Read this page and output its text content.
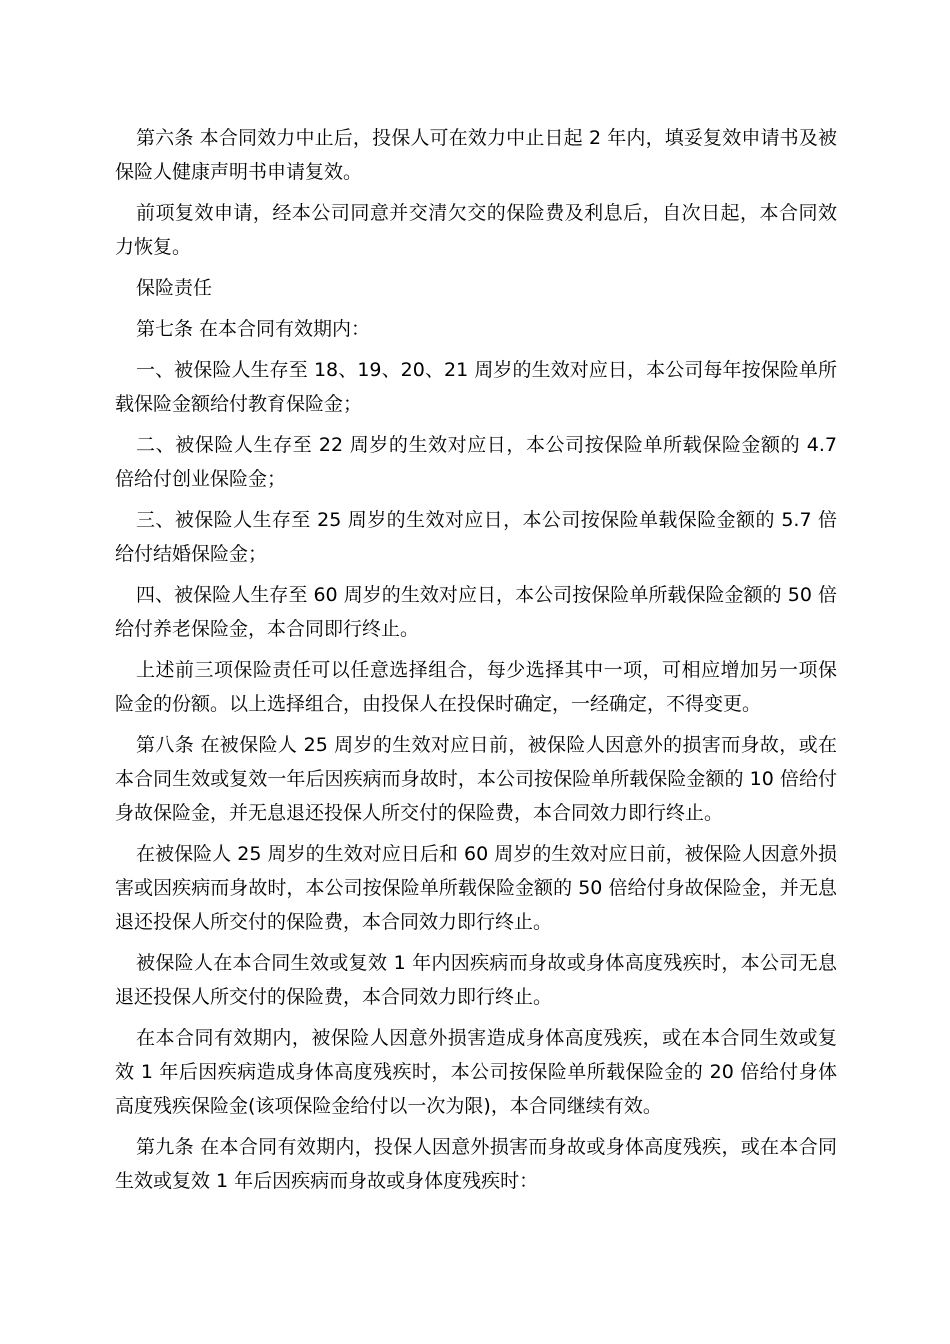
第六条 本合同效力中止后，投保人可在效力中止日起 2 年内，填妥复效申请书及被保险人健康声明书申请复效。

前项复效申请，经本公司同意并交清欠交的保险费及利息后，自次日起，本合同效力恢复。

保险责任

第七条 在本合同有效期内：

一、被保险人生存至 18、19、20、21 周岁的生效对应日，本公司每年按保险单所载保险金额给付教育保险金；

二、被保险人生存至 22 周岁的生效对应日，本公司按保险单所载保险金额的 4.7 倍给付创业保险金；

三、被保险人生存至 25 周岁的生效对应日，本公司按保险单载保险金额的 5.7 倍给付结婚保险金；

四、被保险人生存至 60 周岁的生效对应日，本公司按保险单所载保险金额的 50 倍给付养老保险金，本合同即行终止。

上述前三项保险责任可以任意选择组合，每少选择其中一项，可相应增加另一项保险金的份额。以上选择组合，由投保人在投保时确定，一经确定，不得变更。

第八条 在被保险人 25 周岁的生效对应日前，被保险人因意外的损害而身故，或在本合同生效或复效一年后因疾病而身故时，本公司按保险单所载保险金额的 10 倍给付身故保险金，并无息退还投保人所交付的保险费，本合同效力即行终止。

在被保险人 25 周岁的生效对应日后和 60 周岁的生效对应日前，被保险人因意外损害或因疾病而身故时，本公司按保险单所载保险金额的 50 倍给付身故保险金，并无息退还投保人所交付的保险费，本合同效力即行终止。

被保险人在本合同生效或复效 1 年内因疾病而身故或身体高度残疾时，本公司无息退还投保人所交付的保险费，本合同效力即行终止。

在本合同有效期内，被保险人因意外损害造成身体高度残疾，或在本合同生效或复效 1 年后因疾病造成身体高度残疾时，本公司按保险单所载保险金的 20 倍给付身体高度残疾保险金(该项保险金给付以一次为限)，本合同继续有效。

第九条 在本合同有效期内，投保人因意外损害而身故或身体高度残疾，或在本合同生效或复效 1 年后因疾病而身故或身体度残疾时：
